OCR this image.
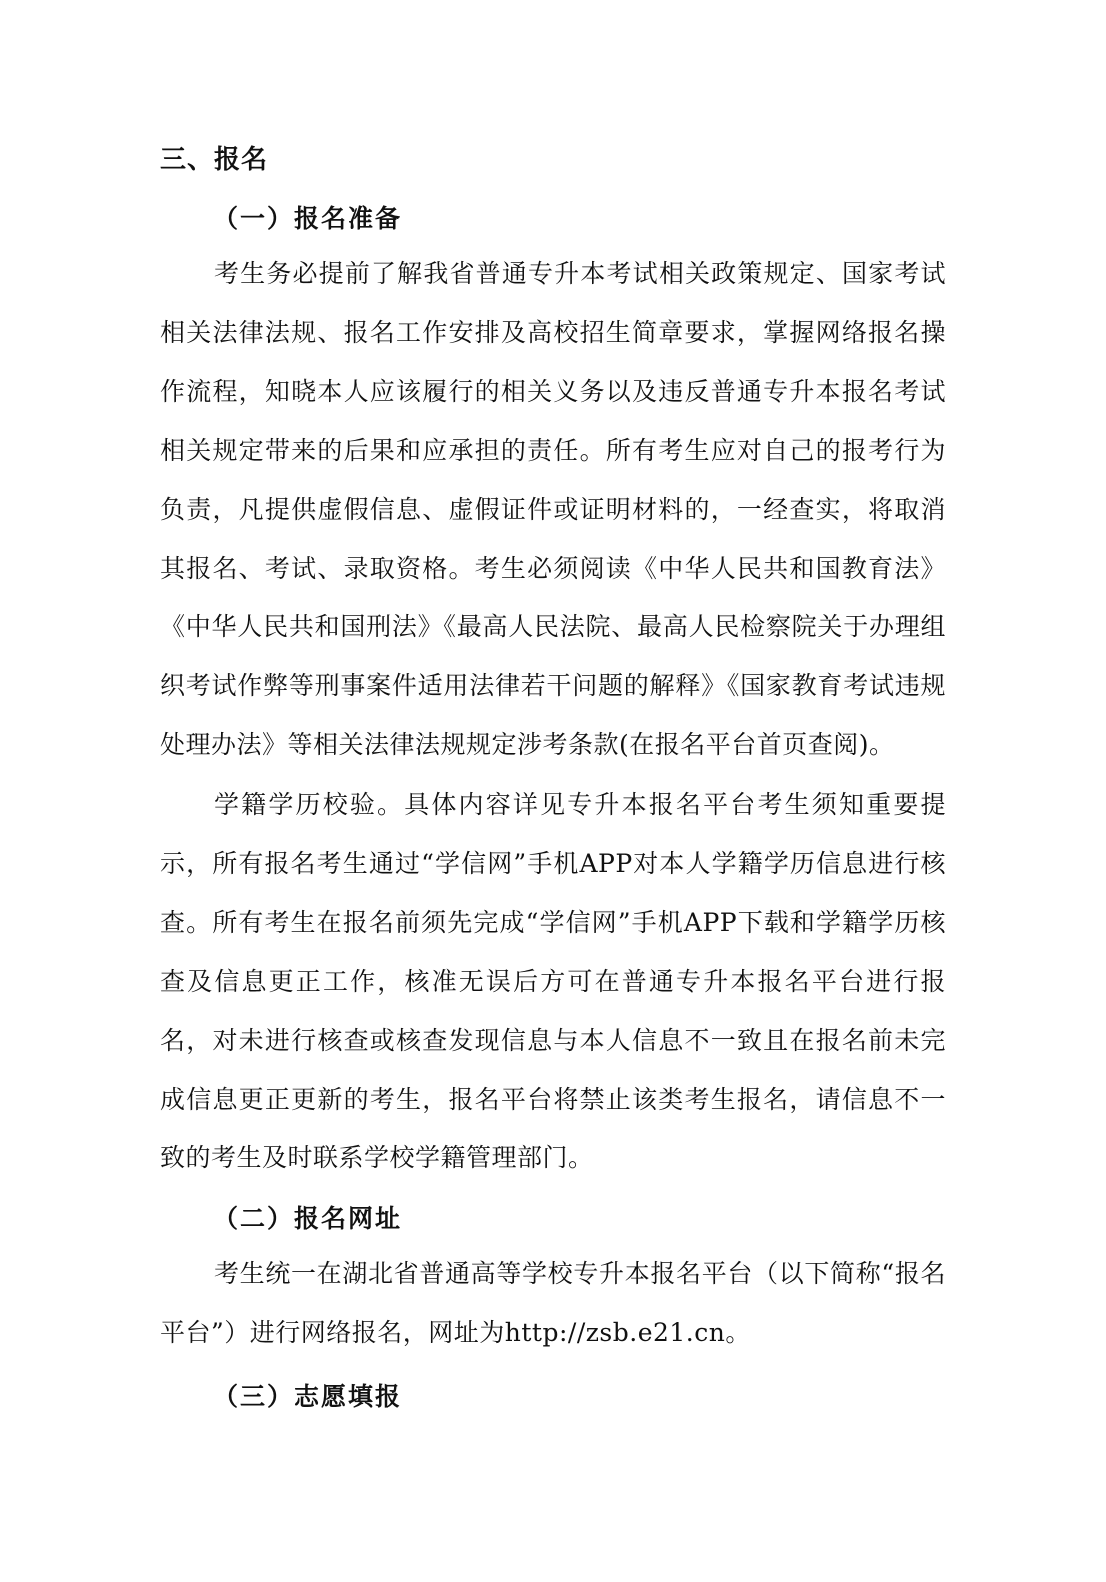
三、报名
（一）报名准备

考生务必提前了解我省普通专升本考试相关政策规定、国家考试相关法律法规、报名工作安排及高校招生简章要求，掌握网络报名操作流程，知晓本人应该履行的相关义务以及违反普通专升本报名考试相关规定带来的后果和应承担的责任。所有考生应对自己的报考行为负责，凡提供虚假信息、虚假证件或证明材料的，一经查实，将取消其报名、考试、录取资格。考生必须阅读《中华人民共和国教育法》《中华人民共和国刑法》《最高人民法院、最高人民检察院关于办理组织考试作弊等刑事案件适用法律若干问题的解释》《国家教育考试违规处理办法》等相关法律法规规定涉考条款(在报名平台首页查阅)。

学籍学历校验。具体内容详见专升本报名平台考生须知重要提示，所有报名考生通过“学信网”手机APP对本人学籍学历信息进行核查。所有考生在报名前须先完成“学信网”手机APP下载和学籍学历核查及信息更正工作，核准无误后方可在普通专升本报名平台进行报名，对未进行核查或核查发现信息与本人信息不一致且在报名前未完成信息更正更新的考生，报名平台将禁止该类考生报名，请信息不一致的考生及时联系学校学籍管理部门。

（二）报名网址

考生统一在湖北省普通高等学校专升本报名平台（以下简称“报名平台”）进行网络报名，网址为http://zsb.e21.cn。

（三）志愿填报
